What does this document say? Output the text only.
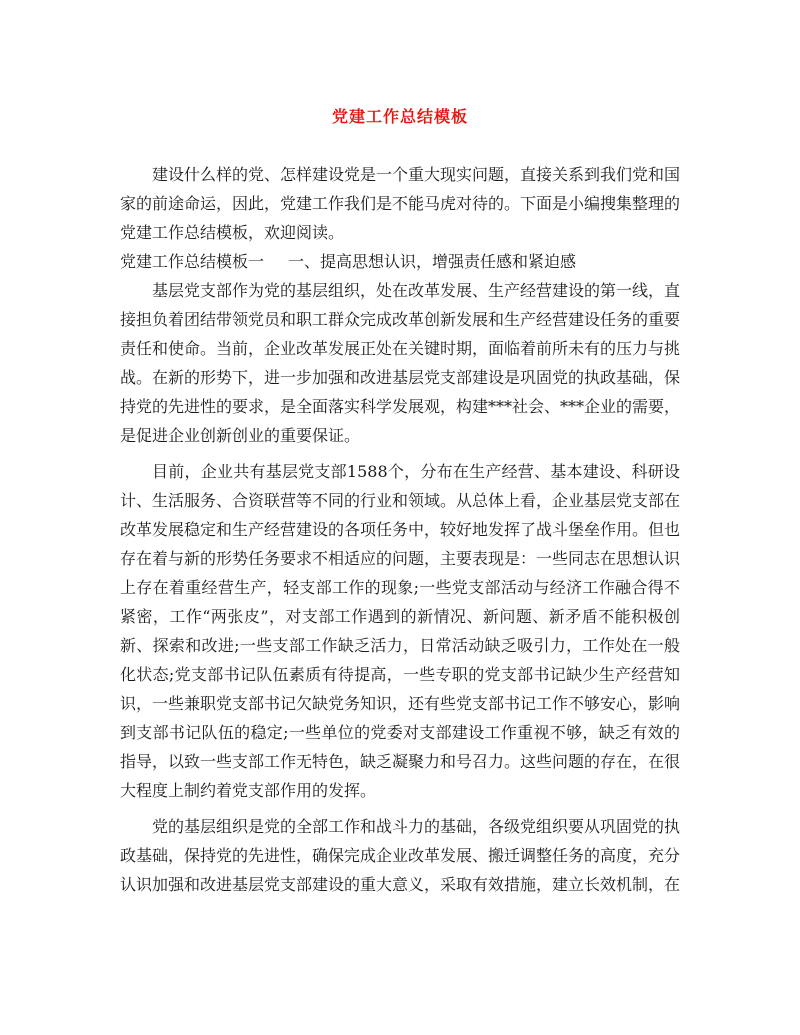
党建工作总结模板

建设什么样的党、怎样建设党是一个重大现实问题，直接关系到我们党和国家的前途命运，因此，党建工作我们是不能马虎对待的。下面是小编搜集整理的党建工作总结模板，欢迎阅读。

党建工作总结模板一 一、提高思想认识，增强责任感和紧迫感

基层党支部作为党的基层组织，处在改革发展、生产经营建设的第一线，直接担负着团结带领党员和职工群众完成改革创新发展和生产经营建设任务的重要责任和使命。当前，企业改革发展正处在关键时期，面临着前所未有的压力与挑战。在新的形势下，进一步加强和改进基层党支部建设是巩固党的执政基础，保持党的先进性的要求，是全面落实科学发展观，构建***社会、***企业的需要，是促进企业创新创业的重要保证。

目前，企业共有基层党支部1588个，分布在生产经营、基本建设、科研设计、生活服务、合资联营等不同的行业和领域。从总体上看，企业基层党支部在改革发展稳定和生产经营建设的各项任务中，较好地发挥了战斗堡垒作用。但也存在着与新的形势任务要求不相适应的问题，主要表现是：一些同志在思想认识上存在着重经营生产，轻支部工作的现象;一些党支部活动与经济工作融合得不紧密，工作“两张皮”，对支部工作遇到的新情况、新问题、新矛盾不能积极创新、探索和改进;一些支部工作缺乏活力，日常活动缺乏吸引力，工作处在一般化状态;党支部书记队伍素质有待提高，一些专职的党支部书记缺少生产经营知识，一些兼职党支部书记欠缺党务知识，还有些党支部书记工作不够安心，影响到支部书记队伍的稳定;一些单位的党委对支部建设工作重视不够，缺乏有效的指导，以致一些支部工作无特色，缺乏凝聚力和号召力。这些问题的存在，在很大程度上制约着党支部作用的发挥。

党的基层组织是党的全部工作和战斗力的基础，各级党组织要从巩固党的执政基础，保持党的先进性，确保完成企业改革发展、搬迁调整任务的高度，充分认识加强和改进基层党支部建设的重大意义，采取有效措施，建立长效机制，在
